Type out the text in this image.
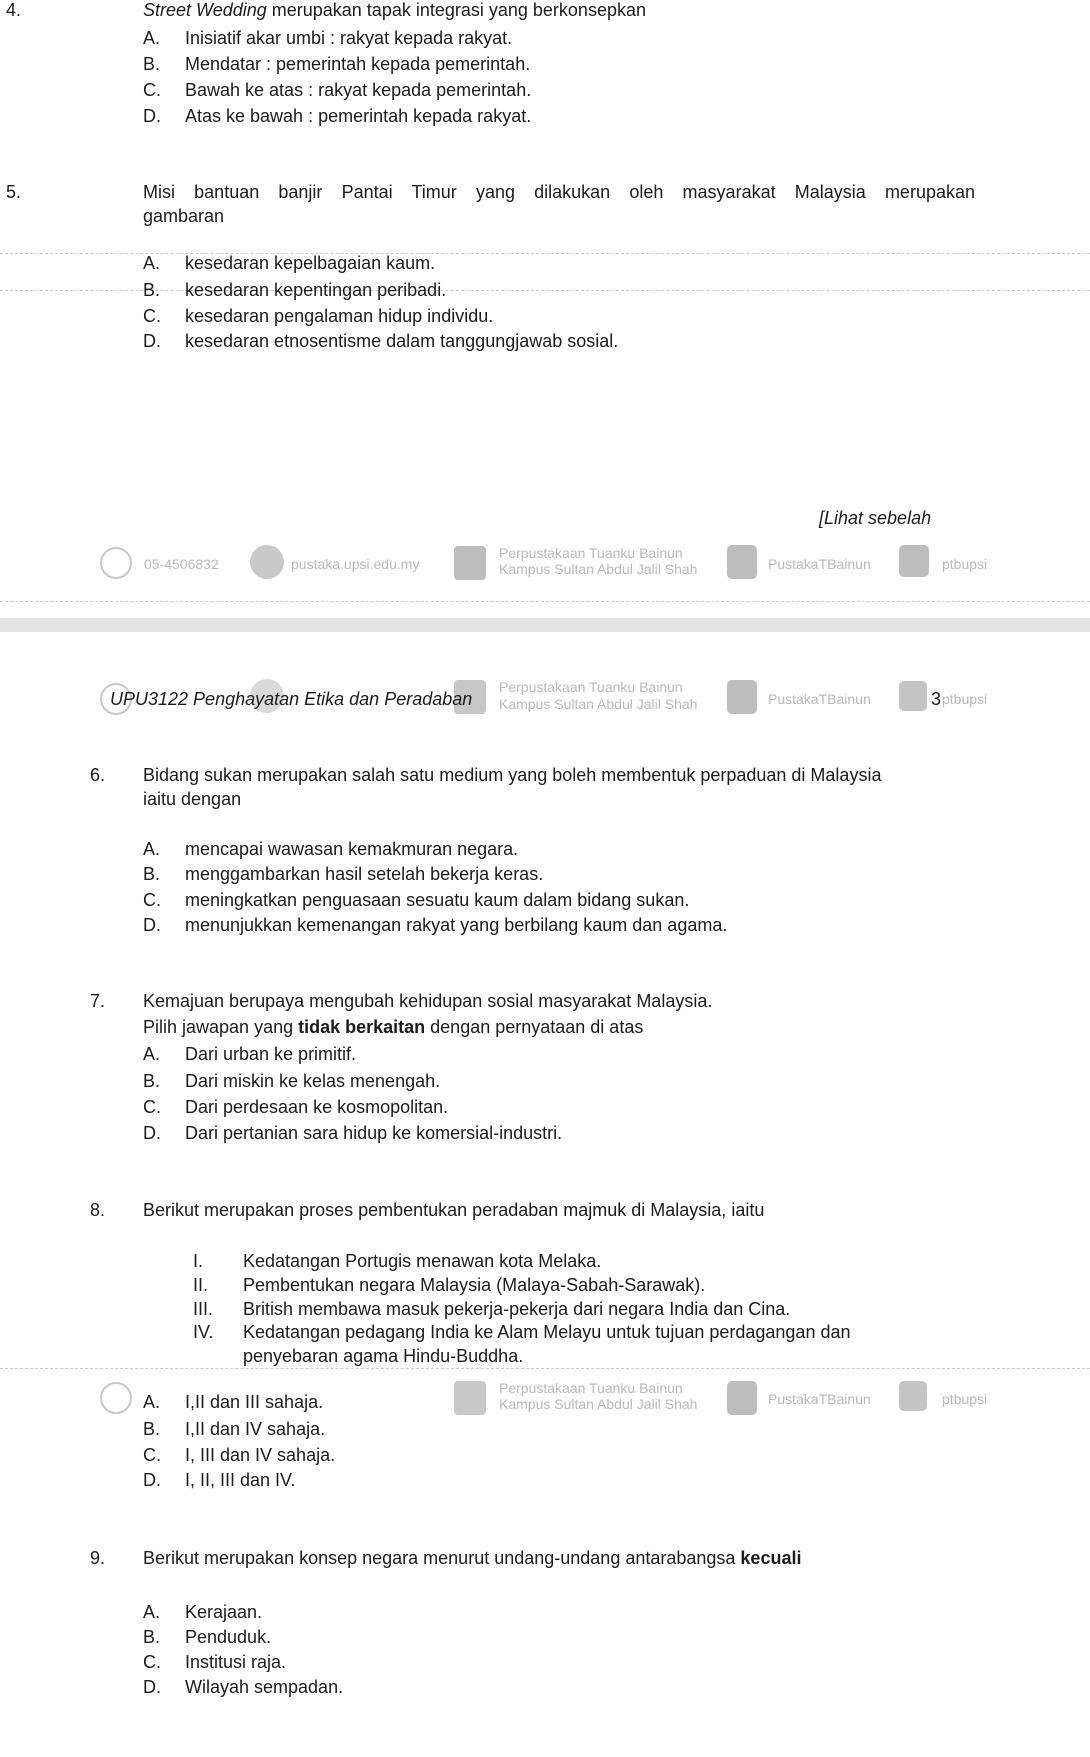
4.	Street Wedding merupakan tapak integrasi yang berkonsepkan
A. Inisiatif akar umbi : rakyat kepada rakyat.
B. Mendatar : pemerintah kepada pemerintah.
C. Bawah ke atas : rakyat kepada pemerintah.
D. Atas ke bawah : pemerintah kepada rakyat.
5.	Misi bantuan banjir Pantai Timur yang dilakukan oleh masyarakat Malaysia merupakan
gambaran
A. kesedaran kepelbagaian kaum.
B. kesedaran kepentingan peribadi.
C. kesedaran pengalaman hidup individu.
D. kesedaran etnosentisme dalam tanggungjawab sosial.
[Lihat sebelah
05-4506832	pustaka.upsi.edu.my
Perpustakaan Tuanku Bainun
Kampus Sultan Abdul Jalil Shah	PustakaTBainun	ptbupsi
Perpustakaan Tuanku Bainun
Kampus Sultan Abdul Jalil Shah	PustakaTBainun	ptbupsi
UPU3122 Penghayatan Etika dan Peradaban	3
6. Bidang sukan merupakan salah satu medium yang boleh membentuk perpaduan di Malaysia
iaitu dengan
A. mencapai wawasan kemakmuran negara.
B. menggambarkan hasil setelah bekerja keras.
C. meningkatkan penguasaan sesuatu kaum dalam bidang sukan.
D. menunjukkan kemenangan rakyat yang berbilang kaum dan agama.
7. Kemajuan berupaya mengubah kehidupan sosial masyarakat Malaysia.
Pilih jawapan yang tidak berkaitan dengan pernyataan di atas
A. Dari urban ke primitif.
B. Dari miskin ke kelas menengah.
C. Dari perdesaan ke kosmopolitan.
D. Dari pertanian sara hidup ke komersial-industri.
8. Berikut merupakan proses pembentukan peradaban majmuk di Malaysia, iaitu
I. Kedatangan Portugis menawan kota Melaka.
II. Pembentukan negara Malaysia (Malaya-Sabah-Sarawak).
III. British membawa masuk pekerja-pekerja dari negara India dan Cina.
IV. Kedatangan pedagang India ke Alam Melayu untuk tujuan perdagangan dan
penyebaran agama Hindu-Buddha.
Perpustakaan Tuanku Bainun
Kampus Sultan Abdul Jalil Shah	PustakaTBainun	ptbupsi
A. I,II dan III sahaja.
B. I,II dan IV sahaja.
C. I, III dan IV sahaja.
D. I, II, III dan IV.
9. Berikut merupakan konsep negara menurut undang-undang antarabangsa kecuali
A. Kerajaan.
B. Penduduk.
C. Institusi raja.
D. Wilayah sempadan.
